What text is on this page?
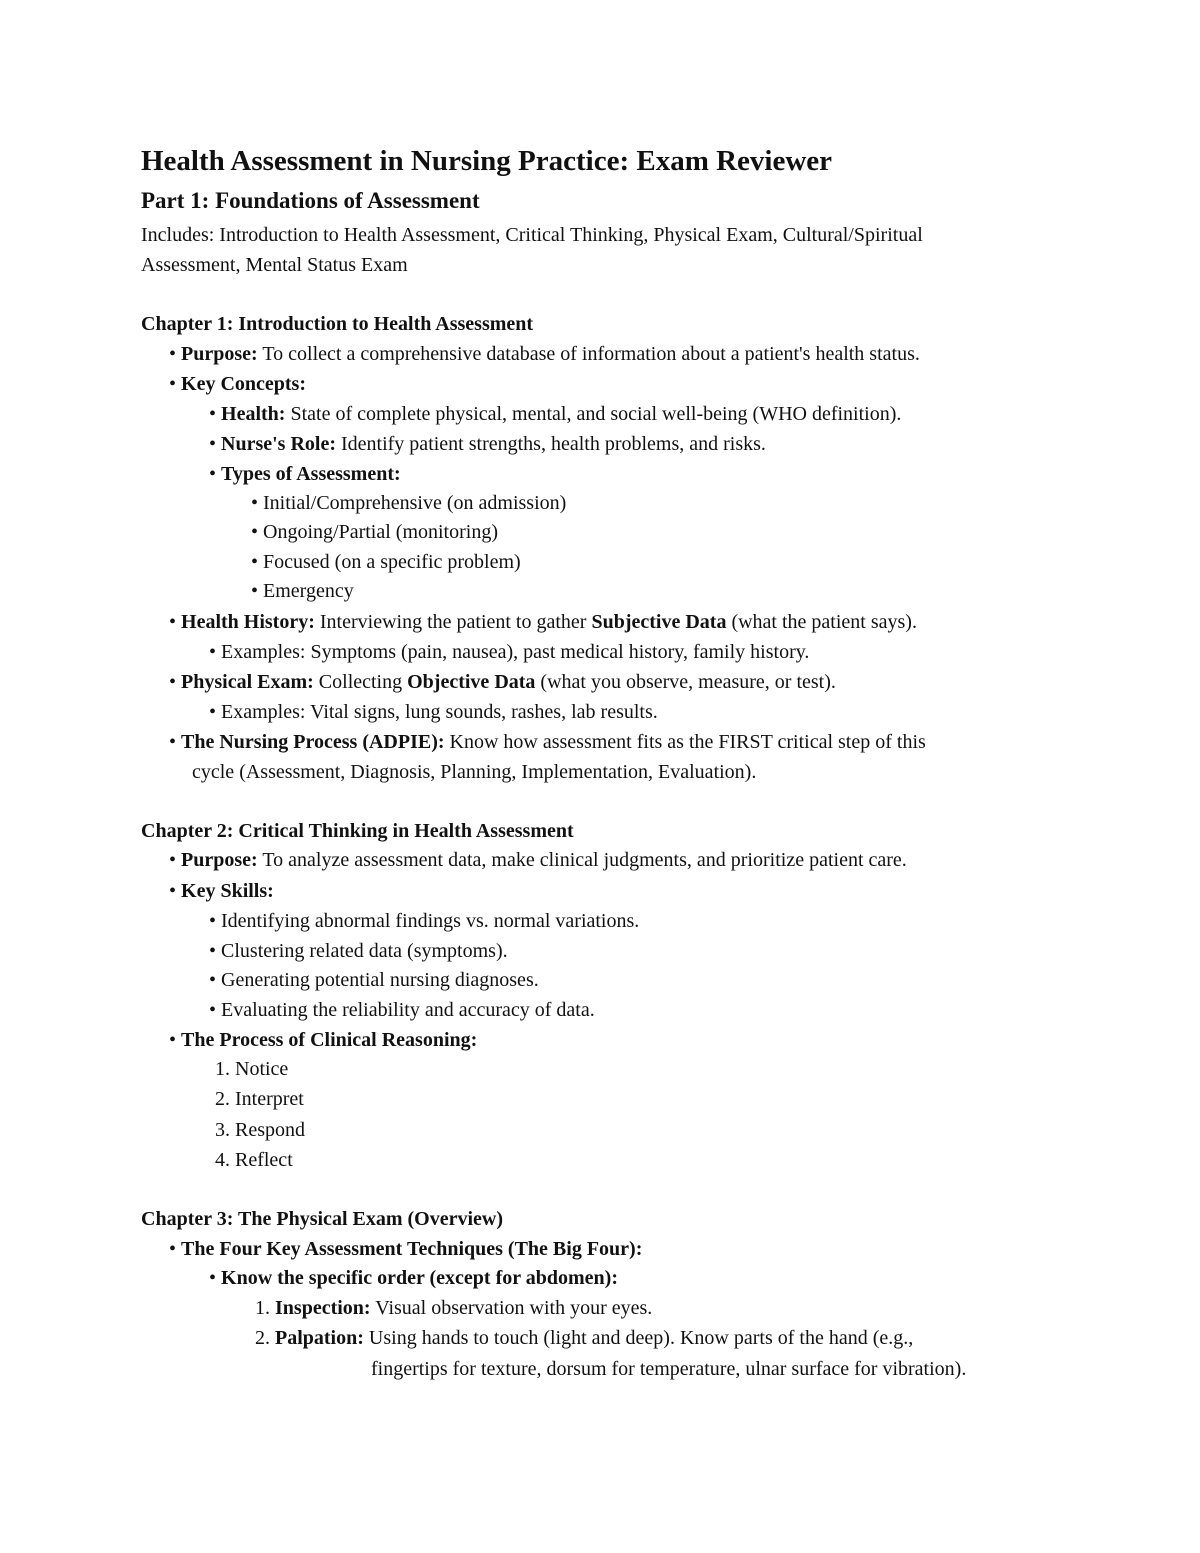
Health Assessment in Nursing Practice: Exam Reviewer
Part 1: Foundations of Assessment
Includes: Introduction to Health Assessment, Critical Thinking, Physical Exam, Cultural/Spiritual
Assessment, Mental Status Exam
Chapter 1: Introduction to Health Assessment
• Purpose: To collect a comprehensive database of information about a patient's health status.
• Key Concepts:
• Health: State of complete physical, mental, and social well-being (WHO definition).
• Nurse's Role: Identify patient strengths, health problems, and risks.
• Types of Assessment:
• Initial/Comprehensive (on admission)
• Ongoing/Partial (monitoring)
• Focused (on a specific problem)
• Emergency
• Health History: Interviewing the patient to gather Subjective Data (what the patient says).
• Examples: Symptoms (pain, nausea), past medical history, family history.
• Physical Exam: Collecting Objective Data (what you observe, measure, or test).
• Examples: Vital signs, lung sounds, rashes, lab results.
• The Nursing Process (ADPIE): Know how assessment fits as the FIRST critical step of this
cycle (Assessment, Diagnosis, Planning, Implementation, Evaluation).
Chapter 2: Critical Thinking in Health Assessment
• Purpose: To analyze assessment data, make clinical judgments, and prioritize patient care.
• Key Skills:
• Identifying abnormal findings vs. normal variations.
• Clustering related data (symptoms).
• Generating potential nursing diagnoses.
• Evaluating the reliability and accuracy of data.
• The Process of Clinical Reasoning:
1. Notice
2. Interpret
3. Respond
4. Reflect
Chapter 3: The Physical Exam (Overview)
• The Four Key Assessment Techniques (The Big Four):
• Know the specific order (except for abdomen):
1. Inspection: Visual observation with your eyes.
2. Palpation: Using hands to touch (light and deep). Know parts of the hand (e.g.,
fingertips for texture, dorsum for temperature, ulnar surface for vibration).
